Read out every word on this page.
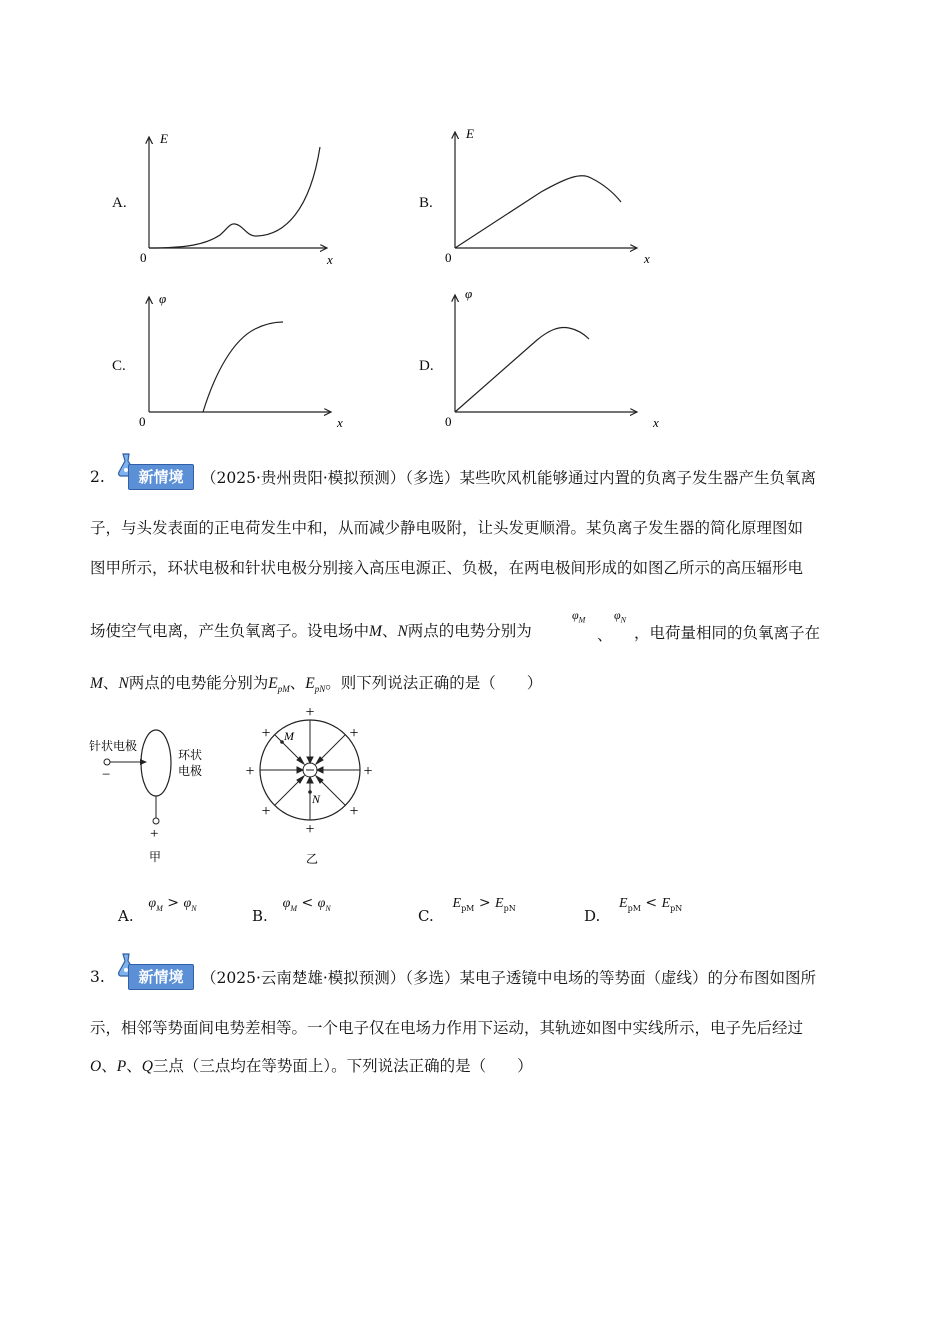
A.
E
x
0
B.
E
x
0
C.
φ
x
0
D.
φ
x
0
2.	新情境	（2025·贵州贵阳·模拟预测）（多选）某些吹风机能够通过内置的负离子发生器产生负氧离
子，与头发表面的正电荷发生中和，从而减少静电吸附，让头发更顺滑。某负离子发生器的简化原理图如
图甲所示，环状电极和针状电极分别接入高压电源正、负极，在两电极间形成的如图乙所示的高压辐形电
场使空气电离，产生负氧离子。设电场中M、N两点的电势分别为
$\varphi_M$
、
$\varphi_N$
，电荷量相同的负氧离子在
M、N两点的电势能分别为$E_{pM}$、$E_{pN}$。则下列说法正确的是（　　）
针状电极
环状
电极
−
+
甲
M
N
+
+
+	+
+	+
+	+
乙
A. $\varphi_M > \varphi_N$	B. $\varphi_M < \varphi_N$	C. $E_{pM} > E_{pN}$	D. $E_{pM} < E_{pN}$
3.	新情境	（2025·云南楚雄·模拟预测）（多选）某电子透镜中电场的等势面（虚线）的分布图如图所
示，相邻等势面间电势差相等。一个电子仅在电场力作用下运动，其轨迹如图中实线所示，电子先后经过
O、P、Q三点（三点均在等势面上）。下列说法正确的是（　　）
